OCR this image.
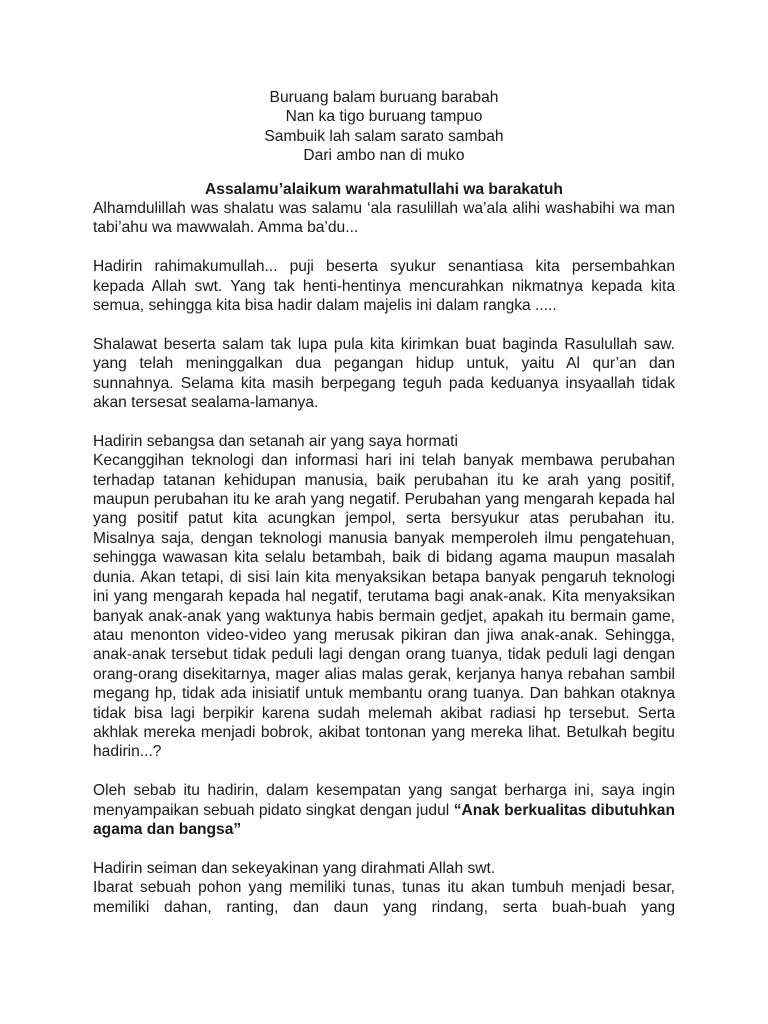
Buruang balam buruang barabah
Nan ka tigo buruang tampuo
Sambuik lah salam sarato sambah
Dari ambo nan di muko
Assalamu’alaikum warahmatullahi wa barakatuh

Alhamdulillah was shalatu was salamu ‘ala rasulillah wa’ala alihi washabihi wa man tabi’ahu wa mawwalah. Amma ba’du...

Hadirin rahimakumullah... puji beserta syukur senantiasa kita persembahkan kepada Allah swt. Yang tak henti-hentinya mencurahkan nikmatnya kepada kita semua, sehingga kita bisa hadir dalam majelis ini dalam rangka .....

Shalawat beserta salam tak lupa pula kita kirimkan buat baginda Rasulullah saw. yang telah meninggalkan dua pegangan hidup untuk, yaitu Al qur’an dan sunnahnya. Selama kita masih berpegang teguh pada keduanya insyaallah tidak akan tersesat sealama-lamanya.

Hadirin sebangsa dan setanah air yang saya hormati

Kecanggihan teknologi dan informasi hari ini telah banyak membawa perubahan terhadap tatanan kehidupan manusia, baik perubahan itu ke arah yang positif, maupun perubahan itu ke arah yang negatif. Perubahan yang mengarah kepada hal yang positif patut kita acungkan jempol, serta bersyukur atas perubahan itu. Misalnya saja, dengan teknologi manusia banyak memperoleh ilmu pengatehuan, sehingga wawasan kita selalu betambah, baik di bidang agama maupun masalah dunia. Akan tetapi, di sisi lain kita menyaksikan betapa banyak pengaruh teknologi ini yang mengarah kepada hal negatif, terutama bagi anak-anak. Kita menyaksikan banyak anak-anak yang waktunya habis bermain gedjet, apakah itu bermain game, atau menonton video-video yang merusak pikiran dan jiwa anak-anak. Sehingga, anak-anak tersebut tidak peduli lagi dengan orang tuanya, tidak peduli lagi dengan orang-orang disekitarnya, mager alias malas gerak, kerjanya hanya rebahan sambil megang hp, tidak ada inisiatif untuk membantu orang tuanya. Dan bahkan otaknya tidak bisa lagi berpikir karena sudah melemah akibat radiasi hp tersebut. Serta akhlak mereka menjadi bobrok, akibat tontonan yang mereka lihat. Betulkah begitu hadirin...?

Oleh sebab itu hadirin, dalam kesempatan yang sangat berharga ini, saya ingin menyampaikan sebuah pidato singkat dengan judul “Anak berkualitas dibutuhkan agama dan bangsa”

Hadirin seiman dan sekeyakinan yang dirahmati Allah swt.

Ibarat sebuah pohon yang memiliki tunas, tunas itu akan tumbuh menjadi besar, memiliki dahan, ranting, dan daun yang rindang, serta buah-buah yang
